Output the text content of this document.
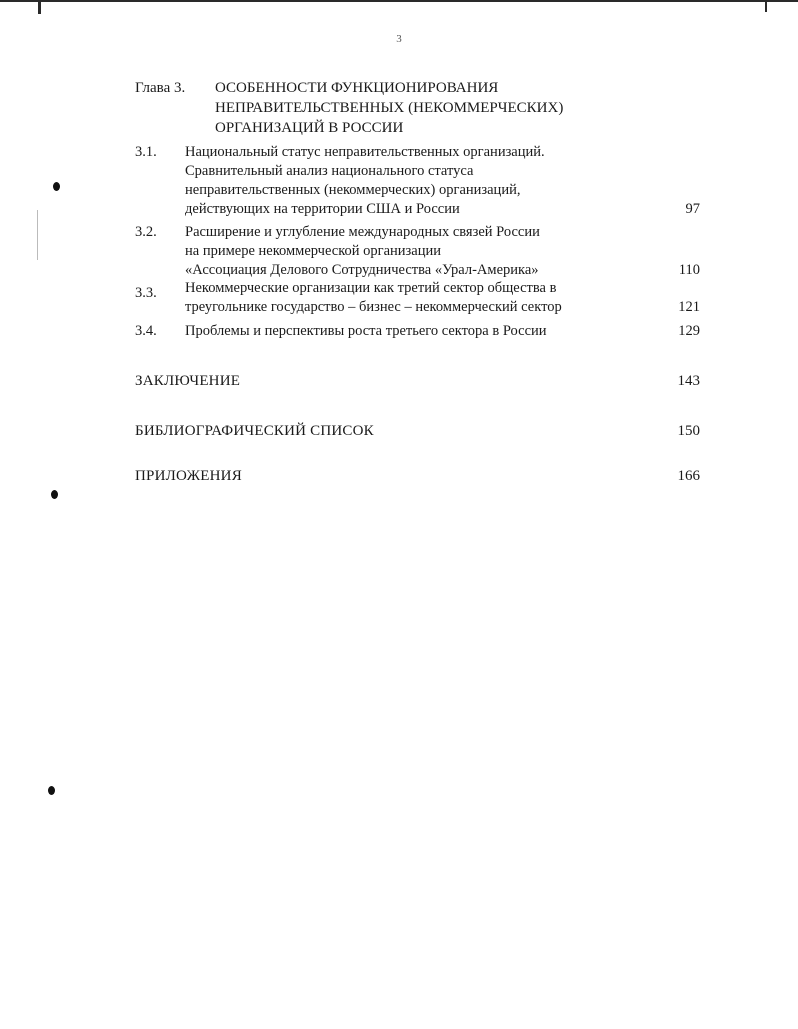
3
Глава 3. ОСОБЕННОСТИ ФУНКЦИОНИРОВАНИЯ
НЕПРАВИТЕЛЬСТВЕННЫХ (НЕКОММЕРЧЕСКИХ)
ОРГАНИЗАЦИЙ В РОССИИ
3.1. Национальный статус неправительственных организаций.
Сравнительный анализ национального статуса
неправительственных (некоммерческих) организаций,
действующих на территории США и России	97
3.2. Расширение и углубление международных связей России
на примере некоммерческой организации
«Ассоциация Делового Сотрудничества «Урал-Америка»	110
3.3. Некоммерческие организации как третий сектор общества в
треугольнике государство – бизнес – некоммерческий сектор	121
3.4. Проблемы и перспективы роста третьего сектора в России	129
ЗАКЛЮЧЕНИЕ	143
БИБЛИОГРАФИЧЕСКИЙ СПИСОК	150
ПРИЛОЖЕНИЯ	166
